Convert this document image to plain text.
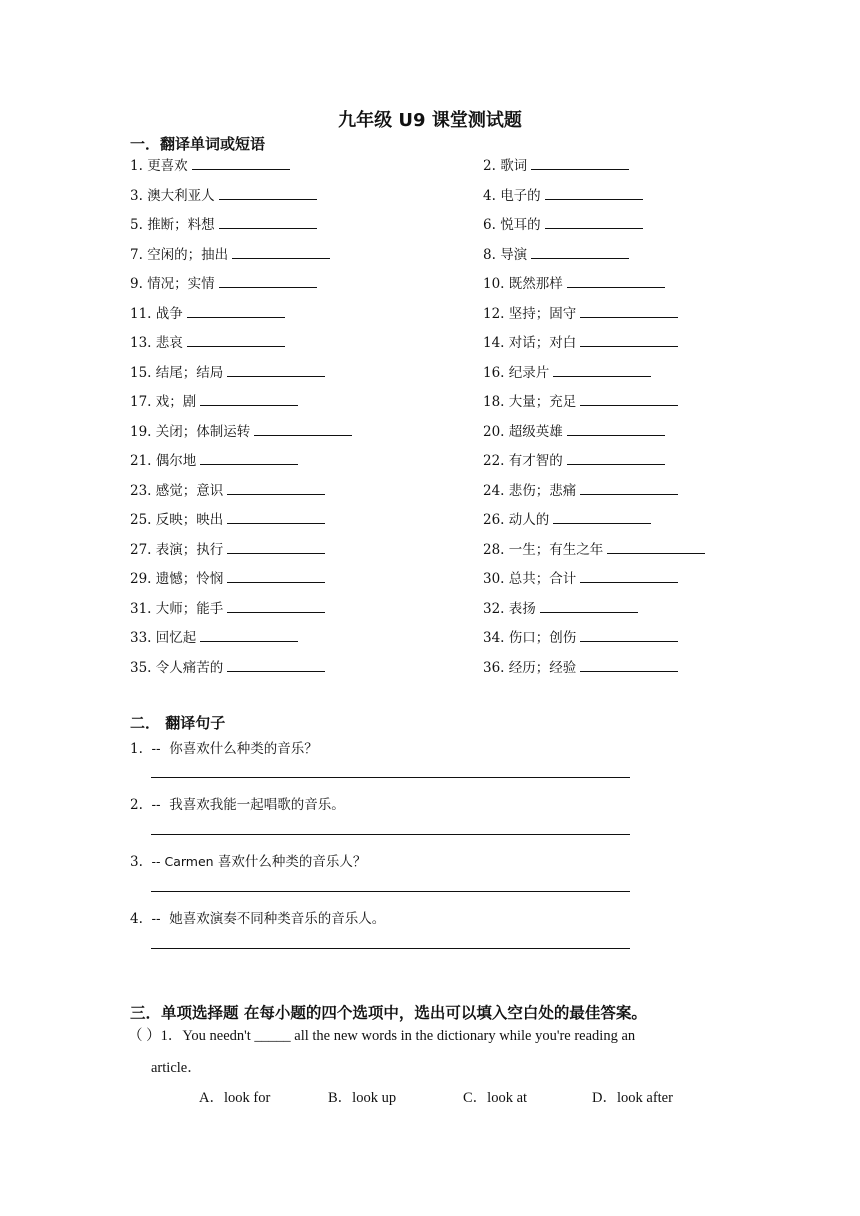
九年级 U9 课堂测试题
一．翻译单词或短语
1. 更喜欢	2. 歌词
3. 澳大利亚人	4. 电子的
5. 推断；料想	6. 悦耳的
7. 空闲的；抽出	8. 导演
9. 情况；实情	10. 既然那样
11. 战争	12. 坚持；固守
13. 悲哀	14. 对话；对白
15. 结尾；结局	16. 纪录片
17. 戏；剧	18. 大量；充足
19. 关闭；体制运转	20. 超级英雄
21. 偶尔地	22. 有才智的
23. 感觉；意识	24. 悲伤；悲痛
25. 反映；映出	26. 动人的
27. 表演；执行	28. 一生；有生之年
29. 遗憾；怜悯	30. 总共；合计
31. 大师；能手	32. 表扬
33. 回忆起	34. 伤口；创伤
35. 令人痛苦的	36. 经历；经验
二． 翻译句子
1. -- 你喜欢什么种类的音乐？
2. -- 我喜欢我能一起唱歌的音乐。
3. -- Carmen 喜欢什么种类的音乐人？
4. -- 她喜欢演奏不同种类音乐的音乐人。
三．单项选择题 在每小题的四个选项中，选出可以填入空白处的最佳答案。
（ ）1．You needn't _____ all the new words in the dictionary while you're reading an
article．
A．look for	B．look up	C．look at	D．look after
